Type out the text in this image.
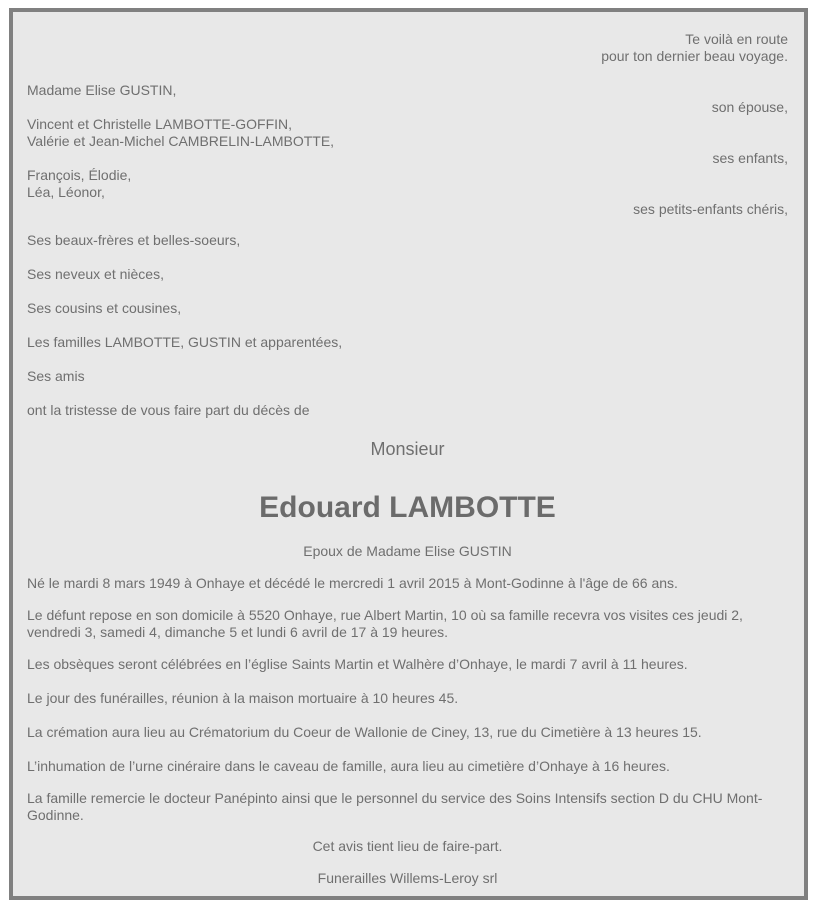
Te voilà en route
pour ton dernier beau voyage.
Madame Elise GUSTIN,
son épouse,
Vincent et Christelle LAMBOTTE-GOFFIN,
Valérie et Jean-Michel CAMBRELIN-LAMBOTTE,
ses enfants,
François, Élodie,
Léa, Léonor,
ses petits-enfants chéris,
Ses beaux-frères et belles-soeurs,
Ses neveux et nièces,
Ses cousins et cousines,
Les familles LAMBOTTE, GUSTIN et apparentées,
Ses amis
ont la tristesse de vous faire part du décès de
Monsieur
Edouard LAMBOTTE
Epoux de Madame Elise GUSTIN
Né le mardi 8 mars 1949 à Onhaye et décédé le mercredi 1 avril 2015 à Mont-Godinne à l'âge de 66 ans.
Le défunt repose en son domicile à 5520 Onhaye, rue Albert Martin, 10 où sa famille recevra vos visites ces jeudi 2, vendredi 3, samedi 4, dimanche 5 et lundi 6 avril de 17 à 19 heures.
Les obsèques seront célébrées en l’église Saints Martin et Walhère d’Onhaye, le mardi 7 avril à 11 heures.
Le jour des funérailles, réunion à la maison mortuaire à 10 heures 45.
La crémation aura lieu au Crématorium du Coeur de Wallonie de Ciney, 13, rue du Cimetière à 13 heures 15.
L’inhumation de l’urne cinéraire dans le caveau de famille, aura lieu au cimetière d’Onhaye à 16 heures.
La famille remercie le docteur Panépinto ainsi que le personnel du service des Soins Intensifs section D du CHU Mont-Godinne.
Cet avis tient lieu de faire-part.
Funerailles Willems-Leroy srl
